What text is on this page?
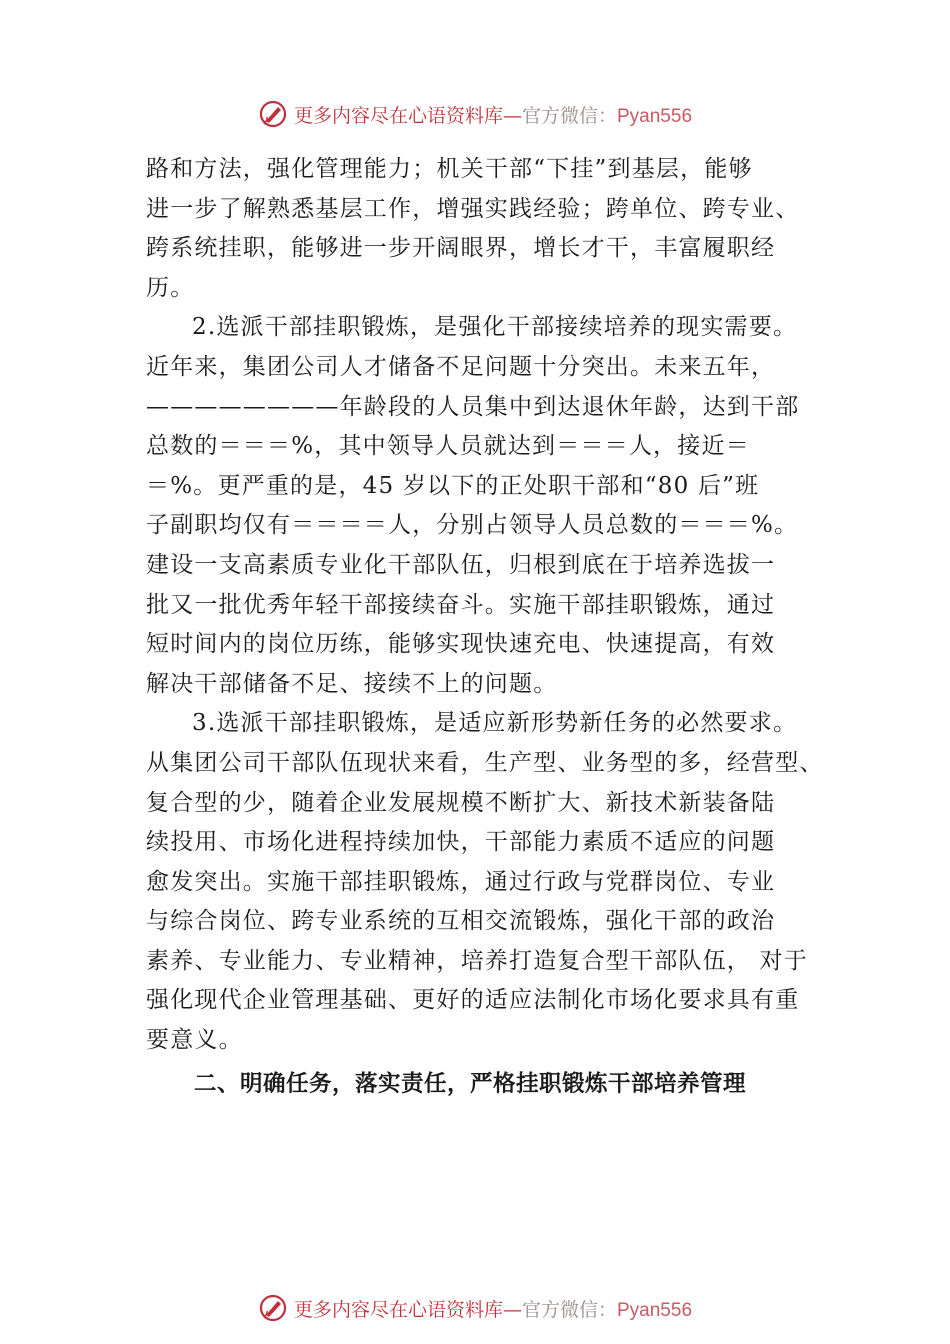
更多内容尽在心语资料库—官方微信：Pyan556
路和方法，强化管理能力；机关干部“下挂”到基层，能够
进一步了解熟悉基层工作，增强实践经验；跨单位、跨专业、
跨系统挂职，能够进一步开阔眼界，增长才干，丰富履职经
历。
2.选派干部挂职锻炼，是强化干部接续培养的现实需要。
近年来，集团公司人才储备不足问题十分突出。未来五年，
————————年龄段的人员集中到达退休年龄，达到干部
总数的＝＝＝%，其中领导人员就达到＝＝＝人，接近＝
＝%。更严重的是，45 岁以下的正处职干部和“80 后”班
子副职均仅有＝＝＝＝人，分别占领导人员总数的＝＝＝%。
建设一支高素质专业化干部队伍，归根到底在于培养选拔一
批又一批优秀年轻干部接续奋斗。实施干部挂职锻炼，通过
短时间内的岗位历练，能够实现快速充电、快速提高，有效
解决干部储备不足、接续不上的问题。
3.选派干部挂职锻炼，是适应新形势新任务的必然要求。
从集团公司干部队伍现状来看，生产型、业务型的多，经营型、
复合型的少，随着企业发展规模不断扩大、新技术新装备陆
续投用、市场化进程持续加快，干部能力素质不适应的问题
愈发突出。实施干部挂职锻炼，通过行政与党群岗位、专业
与综合岗位、跨专业系统的互相交流锻炼，强化干部的政治
素养、专业能力、专业精神，培养打造复合型干部队伍， 对于
强化现代企业管理基础、更好的适应法制化市场化要求具有重
要意义。
二、明确任务，落实责任，严格挂职锻炼干部培养管理
更多内容尽在心语资料库—官方微信：Pyan556
